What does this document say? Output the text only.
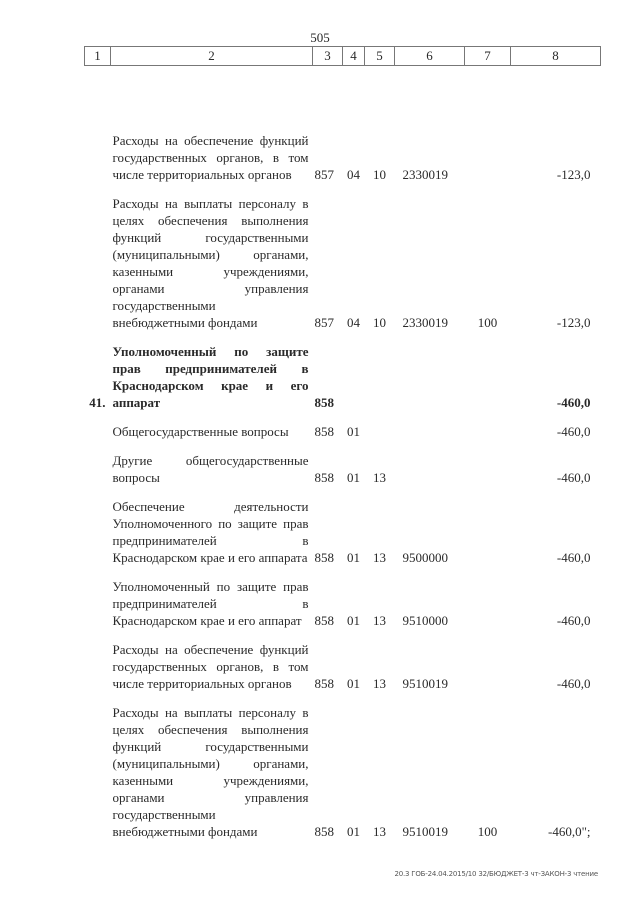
505
1	2	3	4	5	6	7	8
	Расходы на обеспечение функций государственных органов, в том числе территориальных органов	857	04	10	2330019		-123,0
	Расходы на выплаты персоналу в целях обеспечения выполнения функций государственными (муниципальными) органами, казенными учреждениями, органами управления государственными внебюджетными фондами	857	04	10	2330019	100	-123,0
41.	Уполномоченный по защите прав предпринимателей в Краснодарском крае и его аппарат	858					-460,0
	Общегосударственные вопросы	858	01				-460,0
	Другие общегосударственные вопросы	858	01	13			-460,0
	Обеспечение деятельности Уполномоченного по защите прав предпринимателей в Краснодарском крае и его аппарата	858	01	13	9500000		-460,0
	Уполномоченный по защите прав предпринимателей в Краснодарском крае и его аппарат	858	01	13	9510000		-460,0
	Расходы на обеспечение функций государственных органов, в том числе территориальных органов	858	01	13	9510019		-460,0
	Расходы на выплаты персоналу в целях обеспечения выполнения функций государственными (муниципальными) органами, казенными учреждениями, органами управления государственными внебюджетными фондами	858	01	13	9510019	100	-460,0";
20.3 ГОБ-24.04.2015/10 32/БЮДЖЕТ-3 чт-ЗАКОН-3 чтение
